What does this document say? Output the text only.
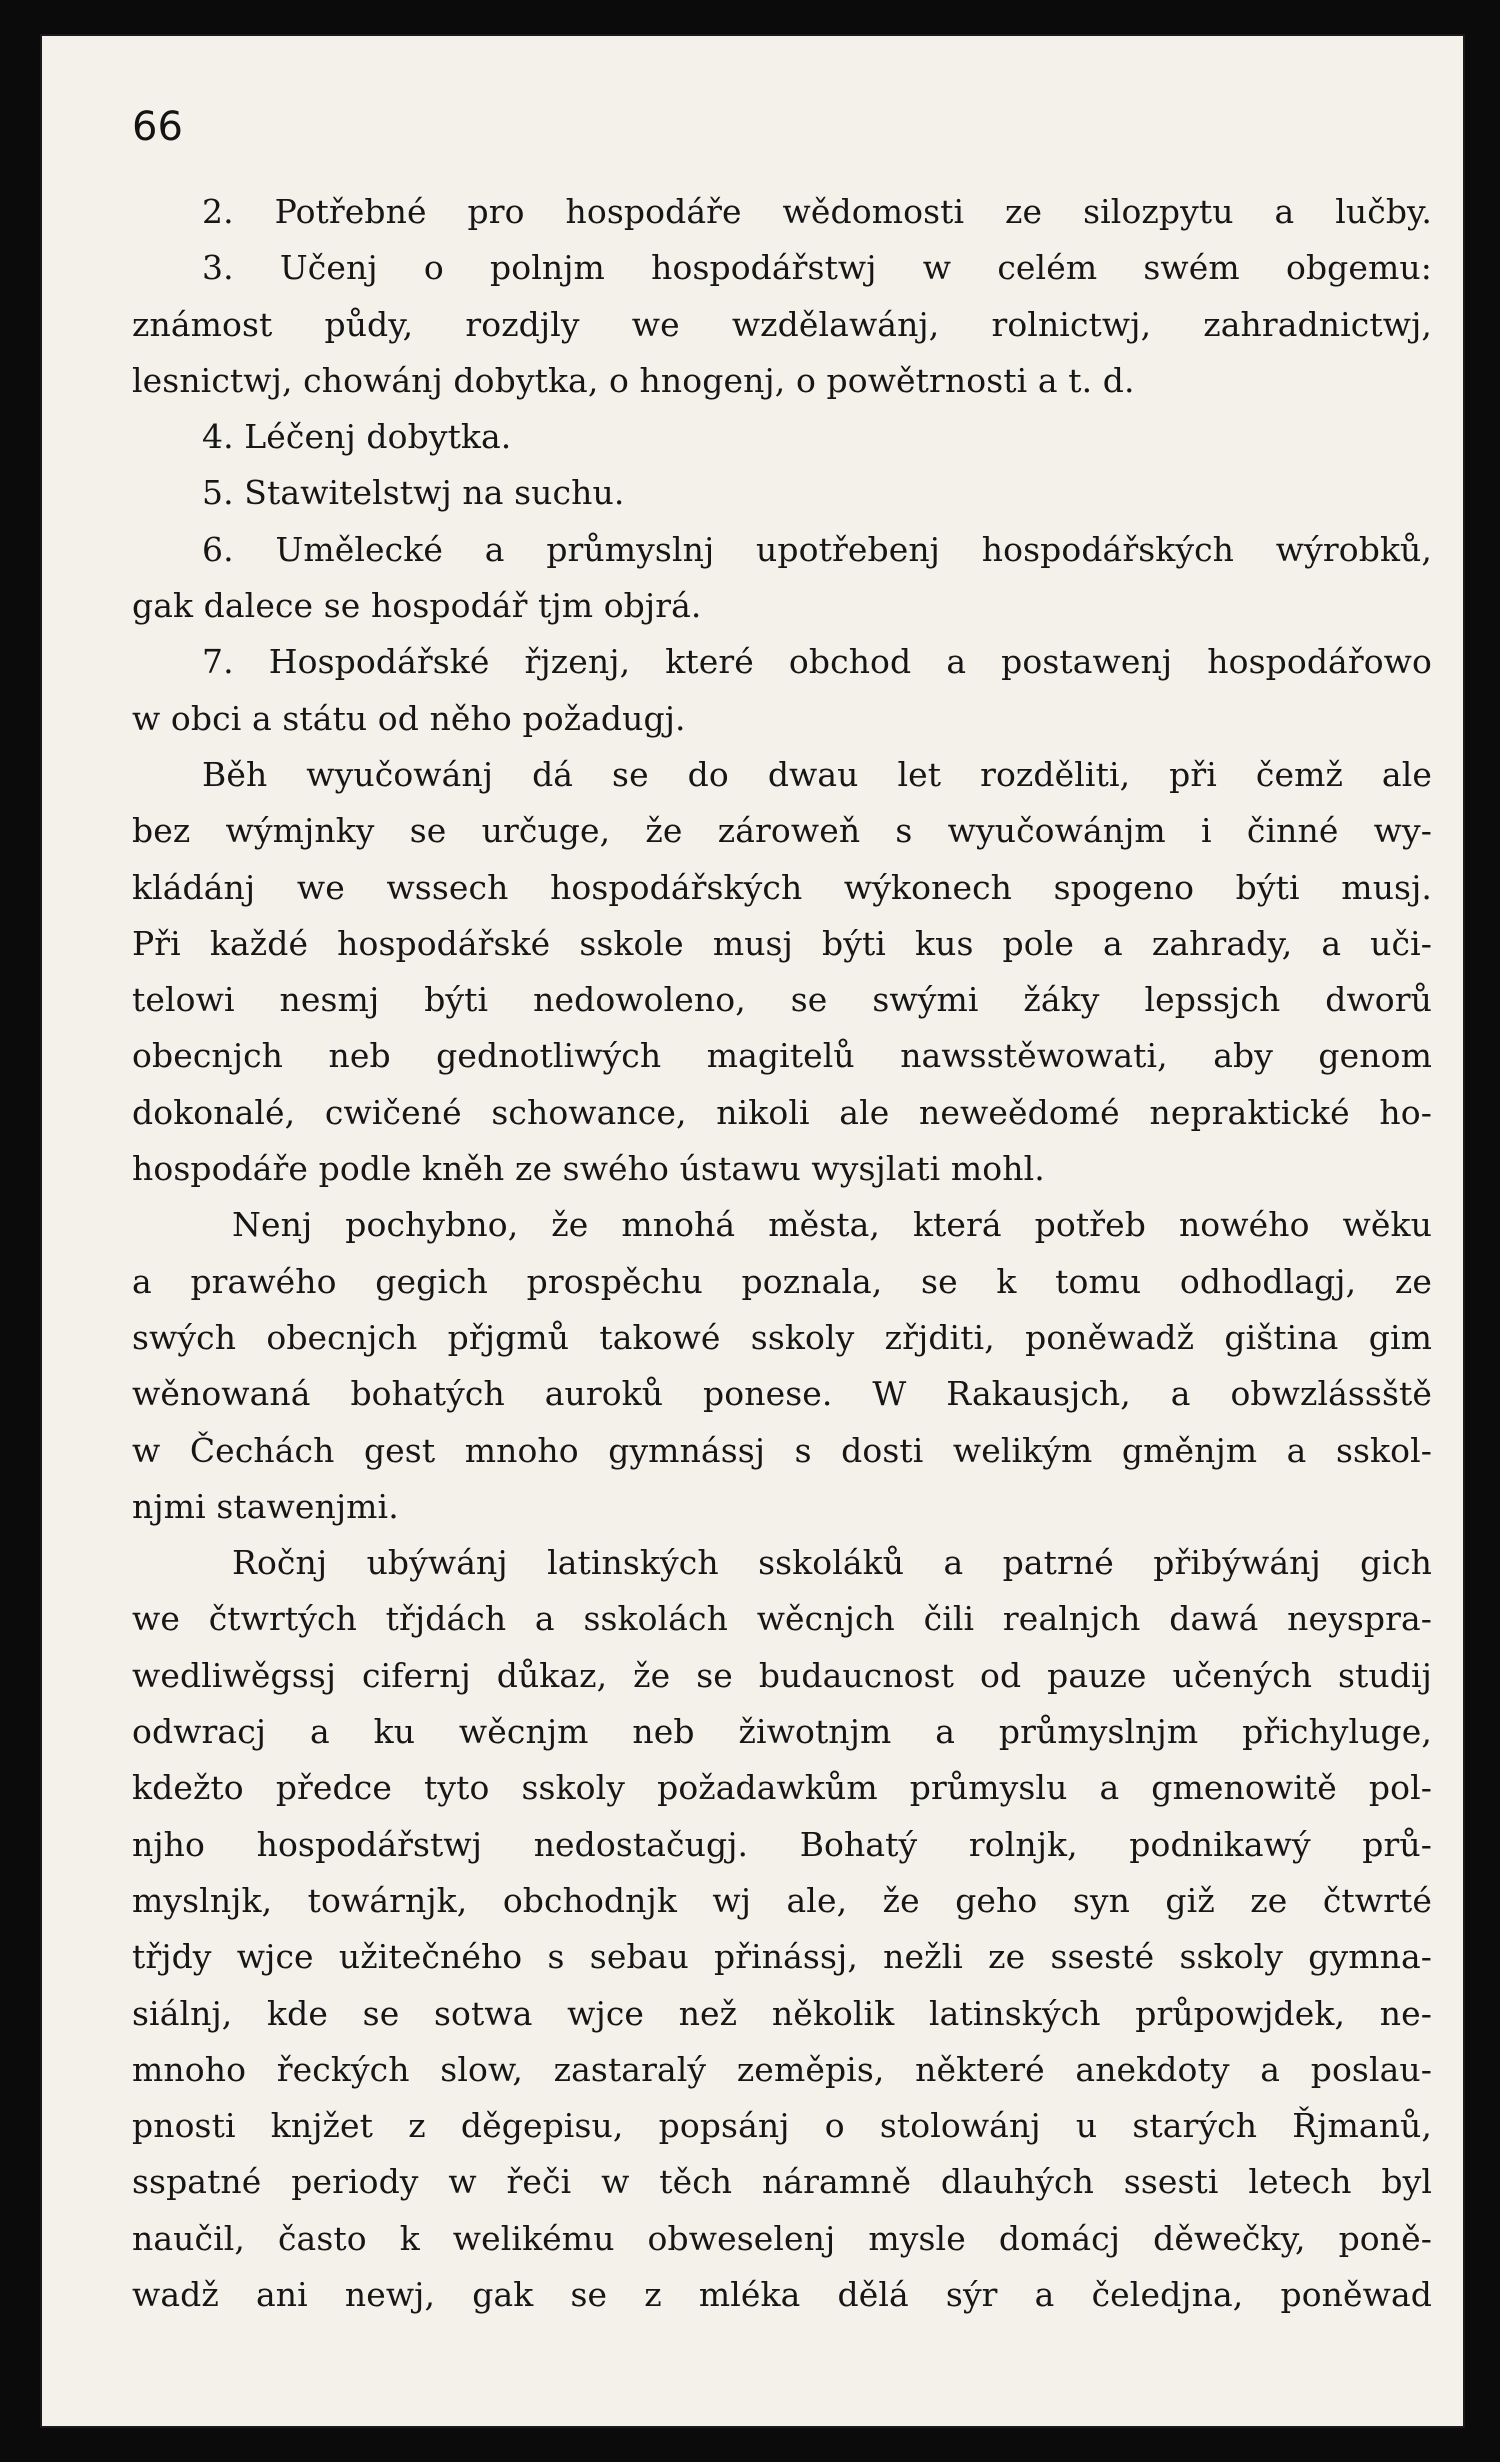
66
2. Potřebné pro hospodáře wědomosti ze silozpytu a lučby.
3. Učenj o polnjm hospodářstwj w celém swém obgemu:
známost půdy, rozdjly we wzdělawánj, rolnictwj, zahradnictwj,
lesnictwj, chowánj dobytka, o hnogenj, o powětrnosti a t. d.
4. Léčenj dobytka.
5. Stawitelstwj na suchu.
6. Umělecké a průmyslnj upotřebenj hospodářských wýrobků,
gak dalece se hospodář tjm objrá.
7. Hospodářské řjzenj, které obchod a postawenj hospodářowo
w obci a státu od něho požadugj.
Běh wyučowánj dá se do dwau let rozděliti, při čemž ale
bez wýmjnky se určuge, že zároweň s wyučowánjm i činné wy-
kládánj we wssech hospodářských wýkonech spogeno býti musj.
Při každé hospodářské sskole musj býti kus pole a zahrady, a uči-
telowi nesmj býti nedowoleno, se swými žáky lepssjch dworů
obecnjch neb gednotliwých magitelů nawsstěwowati, aby genom
dokonalé, cwičené schowance, nikoli ale neweědomé nepraktické ho-
hospodáře podle kněh ze swého ústawu wysjlati mohl.
Nenj pochybno, že mnohá města, která potřeb nowého wěku
a prawého gegich prospěchu poznala, se k tomu odhodlagj, ze
swých obecnjch přjgmů takowé sskoly zřjditi, poněwadž giština gim
wěnowaná bohatých auroků ponese. W Rakausjch, a obwzlássště
w Čechách gest mnoho gymnássj s dosti welikým gměnjm a sskol-
njmi stawenjmi.
Ročnj ubýwánj latinských sskoláků a patrné přibýwánj gich
we čtwrtých třjdách a sskolách wěcnjch čili realnjch dawá neyspra-
wedliwěgssj cifernj důkaz, že se budaucnost od pauze učených studij
odwracj a ku wěcnjm neb žiwotnjm a průmyslnjm přichyluge,
kdežto předce tyto sskoly požadawkům průmyslu a gmenowitě pol-
njho hospodářstwj nedostačugj. Bohatý rolnjk, podnikawý prů-
myslnjk, towárnjk, obchodnjk wj ale, že geho syn giž ze čtwrté
třjdy wjce užitečného s sebau přinássj, nežli ze ssesté sskoly gymna-
siálnj, kde se sotwa wjce než několik latinských průpowjdek, ne-
mnoho řeckých slow, zastaralý zeměpis, některé anekdoty a poslau-
pnosti knjžet z děgepisu, popsánj o stolowánj u starých Řjmanů,
sspatné periody w řeči w těch náramně dlauhých ssesti letech byl
naučil, často k welikému obweselenj mysle domácj děwečky, poně-
wadž ani newj, gak se z mléka dělá sýr a čeledjna, poněwad
